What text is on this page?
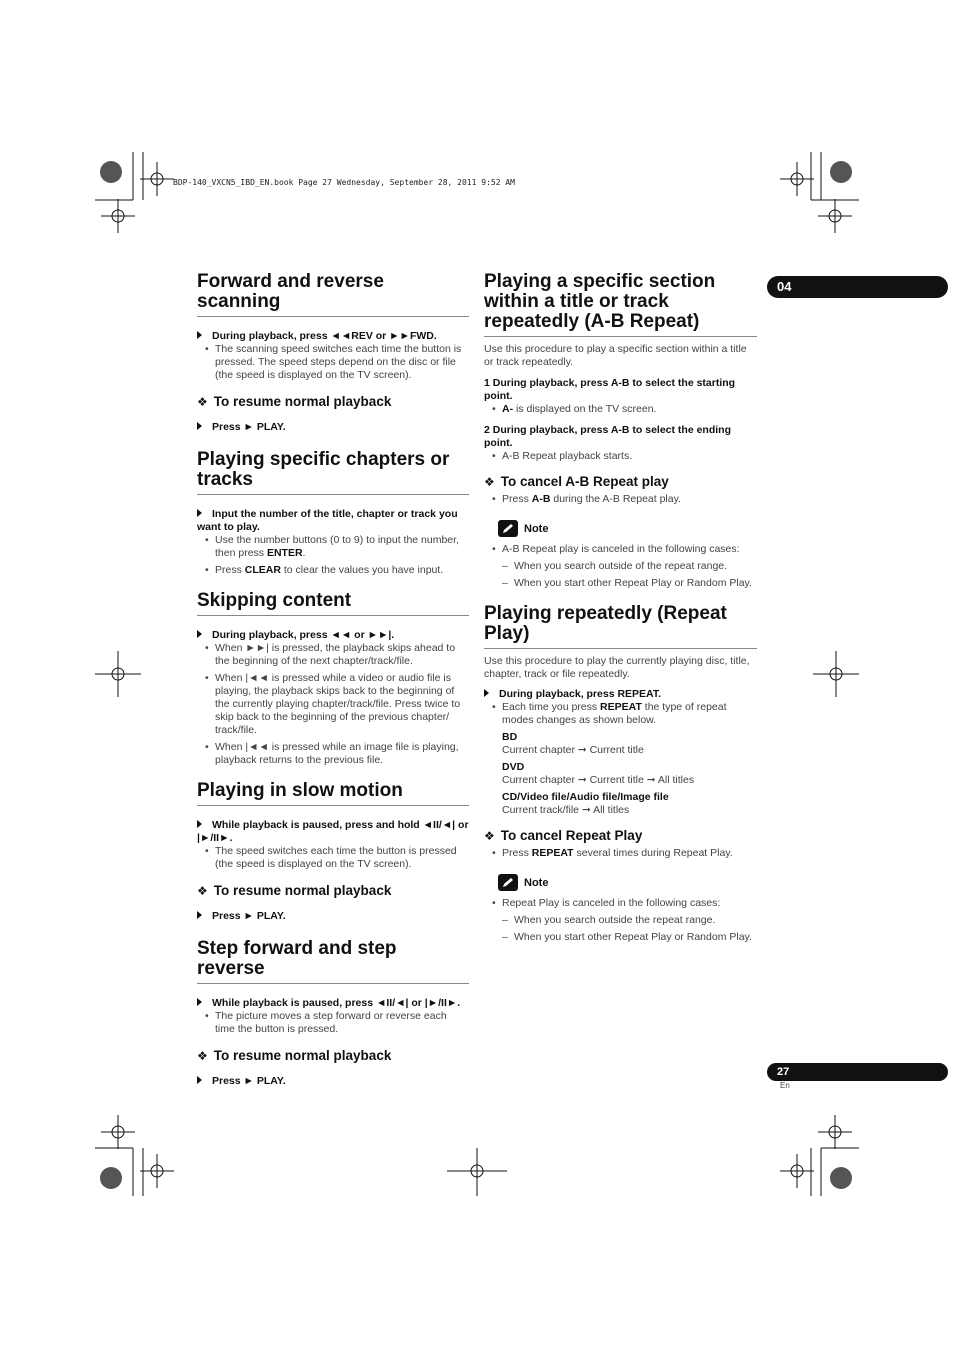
BDP-140_VXCN5_IBD_EN.book Page 27 Wednesday, September 28, 2011 9:52 AM
04
27
En
Forward and reverse scanning
During playback, press ◄◄REV or ►►FWD.
• The scanning speed switches each time the button is pressed. The speed steps depend on the disc or file (the speed is displayed on the TV screen).
❖ To resume normal playback
Press ► PLAY.
Playing specific chapters or tracks
Input the number of the title, chapter or track you want to play.
• Use the number buttons (0 to 9) to input the number, then press ENTER.
• Press CLEAR to clear the values you have input.
Skipping content
During playback, press ◄◄ or ►►|.
• When ►►| is pressed, the playback skips ahead to the beginning of the next chapter/track/file.
• When |◄◄ is pressed while a video or audio file is playing, the playback skips back to the beginning of the currently playing chapter/track/file. Press twice to skip back to the beginning of the previous chapter/ track/file.
• When |◄◄ is pressed while an image file is playing, playback returns to the previous file.
Playing in slow motion
While playback is paused, press and hold ◄II/◄| or |►/II►.
• The speed switches each time the button is pressed (the speed is displayed on the TV screen).
❖ To resume normal playback
Press ► PLAY.
Step forward and step reverse
While playback is paused, press ◄II/◄| or |►/II►.
• The picture moves a step forward or reverse each time the button is pressed.
❖ To resume normal playback
Press ► PLAY.
Playing a specific section within a title or track repeatedly (A-B Repeat)
Use this procedure to play a specific section within a title or track repeatedly.
1 During playback, press A-B to select the starting point.
• A- is displayed on the TV screen.
2 During playback, press A-B to select the ending point.
• A-B Repeat playback starts.
❖ To cancel A-B Repeat play
• Press A-B during the A-B Repeat play.
Note
• A-B Repeat play is canceled in the following cases:
– When you search outside of the repeat range.
– When you start other Repeat Play or Random Play.
Playing repeatedly (Repeat Play)
Use this procedure to play the currently playing disc, title, chapter, track or file repeatedly.
During playback, press REPEAT.
• Each time you press REPEAT the type of repeat modes changes as shown below.
BD
Current chapter ➞ Current title
DVD
Current chapter ➞ Current title ➞ All titles
CD/Video file/Audio file/Image file
Current track/file ➞ All titles
❖ To cancel Repeat Play
• Press REPEAT several times during Repeat Play.
Note
• Repeat Play is canceled in the following cases:
– When you search outside the repeat range.
– When you start other Repeat Play or Random Play.
